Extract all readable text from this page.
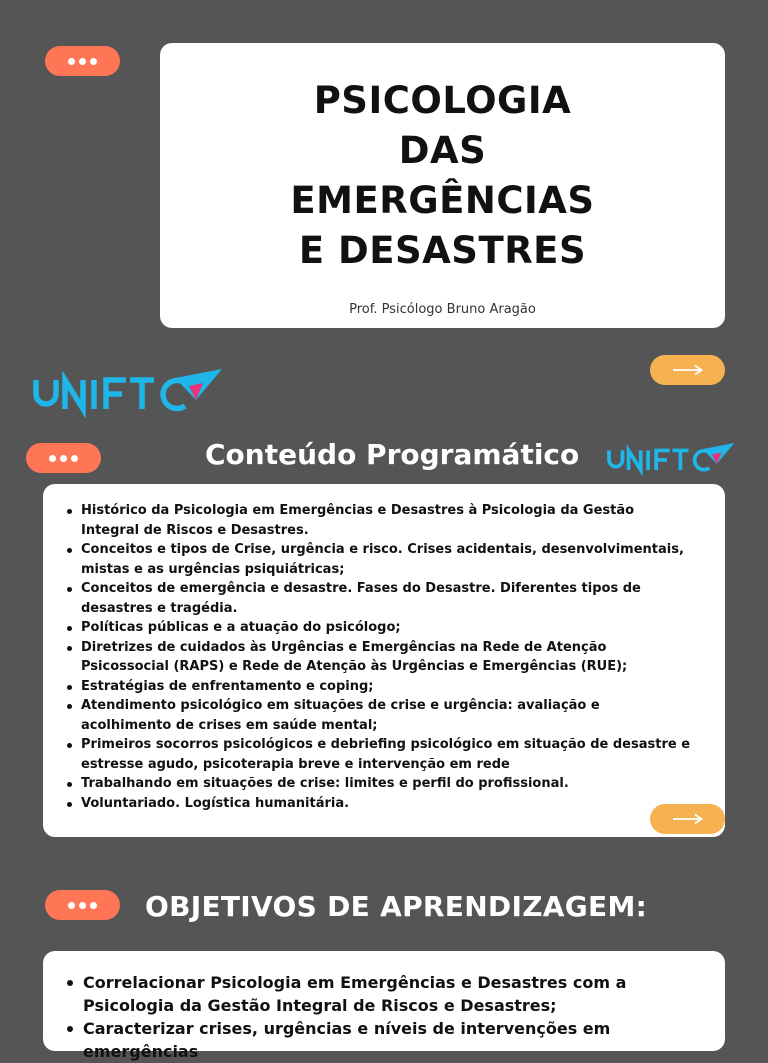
PSICOLOGIA
DAS
EMERGÊNCIAS
E DESASTRES
Prof. Psicólogo Bruno Aragão
Conteúdo Programático
Histórico da Psicologia em Emergências e Desastres à Psicologia da Gestão Integral de Riscos e Desastres.
Conceitos e tipos de Crise, urgência e risco. Crises acidentais, desenvolvimentais, mistas e as urgências psiquiátricas;
Conceitos de emergência e desastre. Fases do Desastre. Diferentes tipos de desastres e tragédia.
Políticas públicas e a atuação do psicólogo;
Diretrizes de cuidados às Urgências e Emergências na Rede de Atenção Psicossocial (RAPS) e Rede de Atenção às Urgências e Emergências (RUE);
Estratégias de enfrentamento e coping;
Atendimento psicológico em situações de crise e urgência: avaliação e acolhimento de crises em saúde mental;
Primeiros socorros psicológicos e debriefing psicológico em situação de desastre e estresse agudo, psicoterapia breve e intervenção em rede
Trabalhando em situações de crise: limites e perfil do profissional.
Voluntariado. Logística humanitária.
OBJETIVOS DE APRENDIZAGEM:
Correlacionar Psicologia em Emergências e Desastres com a Psicologia da Gestão Integral de Riscos e Desastres;
Caracterizar crises, urgências e níveis de intervenções em emergências
